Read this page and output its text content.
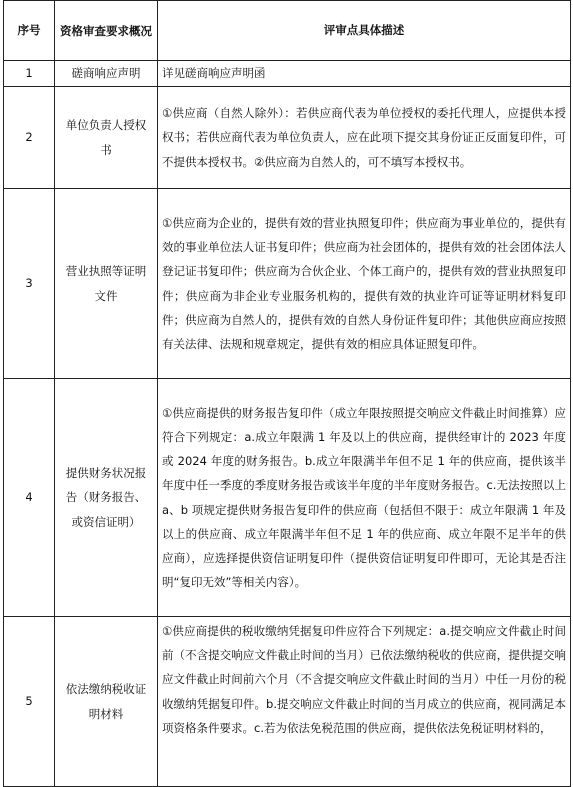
序号	资格审查要求概况	评审点具体描述
1	磋商响应声明	详见磋商响应声明函
2	单位负责人授权书	①供应商（自然人除外）：若供应商代表为单位授权的委托代理人，应提供本授权书；若供应商代表为单位负责人，应在此项下提交其身份证正反面复印件，可不提供本授权书。②供应商为自然人的，可不填写本授权书。
3	营业执照等证明文件	①供应商为企业的，提供有效的营业执照复印件；供应商为事业单位的，提供有效的事业单位法人证书复印件；供应商为社会团体的，提供有效的社会团体法人登记证书复印件；供应商为合伙企业、个体工商户的，提供有效的营业执照复印件；供应商为非企业专业服务机构的，提供有效的执业许可证等证明材料复印件；供应商为自然人的，提供有效的自然人身份证件复印件；其他供应商应按照有关法律、法规和规章规定，提供有效的相应具体证照复印件。
4	提供财务状况报告（财务报告、或资信证明）	①供应商提供的财务报告复印件（成立年限按照提交响应文件截止时间推算）应符合下列规定：a.成立年限满 1 年及以上的供应商，提供经审计的 2023 年度或 2024 年度的财务报告。b.成立年限满半年但不足 1 年的供应商，提供该半年度中任一季度的季度财务报告或该半年度的半年度财务报告。c.无法按照以上 a、b 项规定提供财务报告复印件的供应商（包括但不限于：成立年限满 1 年及以上的供应商、成立年限满半年但不足 1 年的供应商、成立年限不足半年的供应商），应选择提供资信证明复印件（提供资信证明复印件即可，无论其是否注明“复印无效”等相关内容）。
5	依法缴纳税收证明材料	①供应商提供的税收缴纳凭据复印件应符合下列规定：a.提交响应文件截止时间前（不含提交响应文件截止时间的当月）已依法缴纳税收的供应商，提供提交响应文件截止时间前六个月（不含提交响应文件截止时间的当月）中任一月份的税收缴纳凭据复印件。b.提交响应文件截止时间的当月成立的供应商，视同满足本项资格条件要求。c.若为依法免税范围的供应商，提供依法免税证明材料的，
